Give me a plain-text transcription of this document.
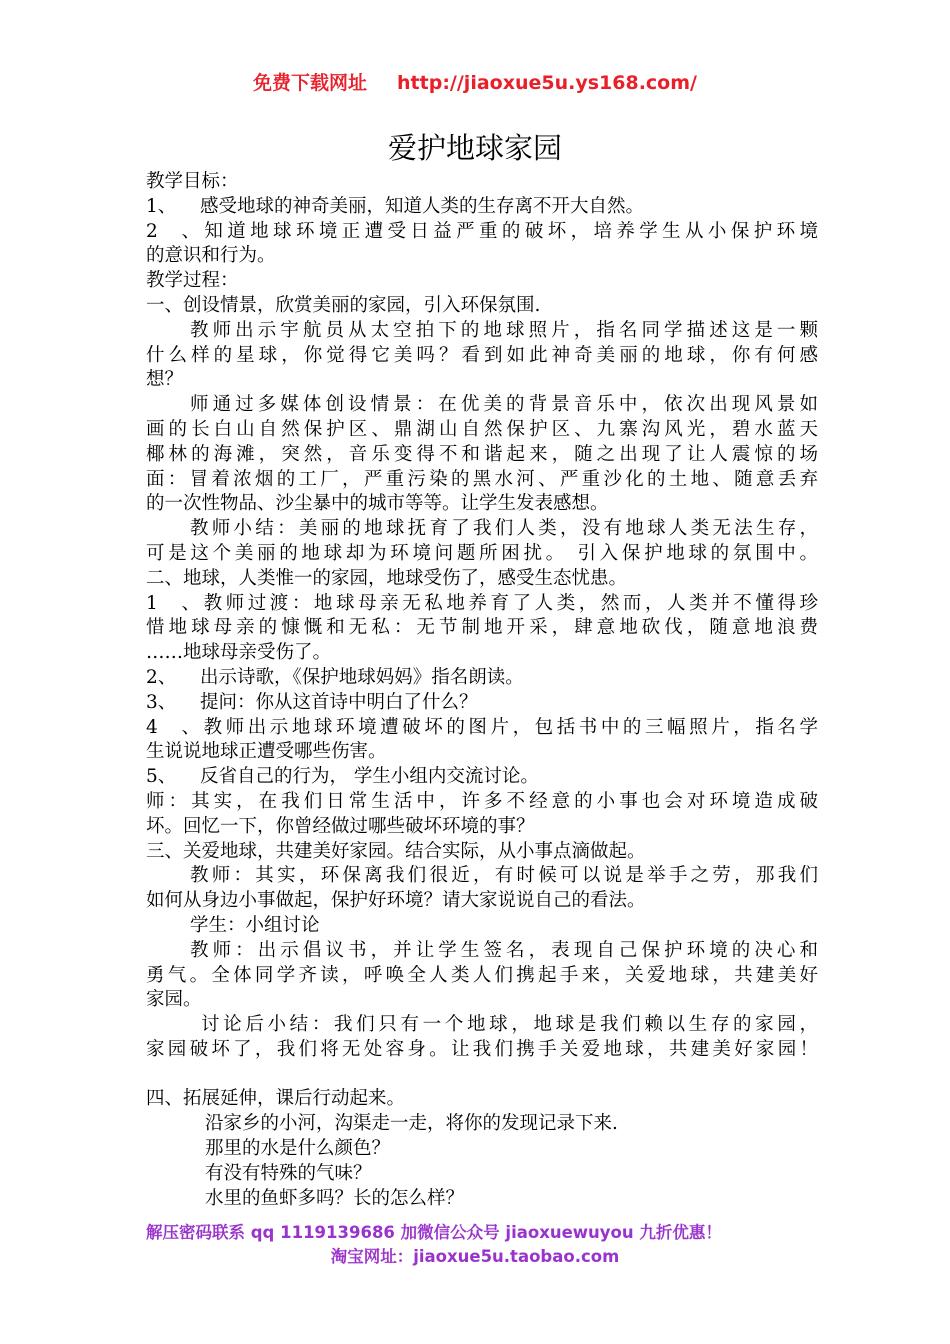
免费下载网址 http://jiaoxue5u.ys168.com/
爱护地球家园
教学目标：
1、 感受地球的神奇美丽，知道人类的生存离不开大自然。
2、知道地球环境正遭受日益严重的破坏，培养学生从小保护环境
的意识和行为。
教学过程：
一、创设情景，欣赏美丽的家园，引入环保氛围.
教师出示宇航员从太空拍下的地球照片，指名同学描述这是一颗
什么样的星球，你觉得它美吗？看到如此神奇美丽的地球，你有何感
想？
师通过多媒体创设情景：在优美的背景音乐中，依次出现风景如
画的长白山自然保护区、鼎湖山自然保护区、九寨沟风光，碧水蓝天
椰林的海滩，突然，音乐变得不和谐起来，随之出现了让人震惊的场
面：冒着浓烟的工厂，严重污染的黑水河、严重沙化的土地、随意丢弃
的一次性物品、沙尘暴中的城市等等。让学生发表感想。
教师小结：美丽的地球抚育了我们人类，没有地球人类无法生存，
可是这个美丽的地球却为环境问题所困扰。 引入保护地球的氛围中。
二、地球，人类惟一的家园，地球受伤了，感受生态忧患。
1、教师过渡：地球母亲无私地养育了人类，然而，人类并不懂得珍
惜地球母亲的慷慨和无私：无节制地开采，肆意地砍伐，随意地浪费
……地球母亲受伤了。
2、 出示诗歌，《保护地球妈妈》指名朗读。
3、 提问：你从这首诗中明白了什么？
4、教师出示地球环境遭破坏的图片，包括书中的三幅照片，指名学
生说说地球正遭受哪些伤害。
5、 反省自己的行为， 学生小组内交流讨论。
师：其实，在我们日常生活中，许多不经意的小事也会对环境造成破
坏。回忆一下，你曾经做过哪些破坏环境的事？
三、关爱地球，共建美好家园。结合实际，从小事点滴做起。
教师：其实，环保离我们很近，有时候可以说是举手之劳，那我们
如何从身边小事做起，保护好环境？请大家说说自己的看法。
学生：小组讨论
教师：出示倡议书，并让学生签名，表现自己保护环境的决心和
勇气。全体同学齐读，呼唤全人类人们携起手来，关爱地球，共建美好
家园。
讨论后小结：我们只有一个地球，地球是我们赖以生存的家园，
家园破坏了，我们将无处容身。让我们携手关爱地球，共建美好家园！
四、拓展延伸，课后行动起来。
沿家乡的小河，沟渠走一走，将你的发现记录下来.
那里的水是什么颜色？
有没有特殊的气味？
水里的鱼虾多吗？长的怎么样？
解压密码联系 qq 1119139686 加微信公众号 jiaoxuewuyou 九折优惠！
淘宝网址：jiaoxue5u.taobao.com
